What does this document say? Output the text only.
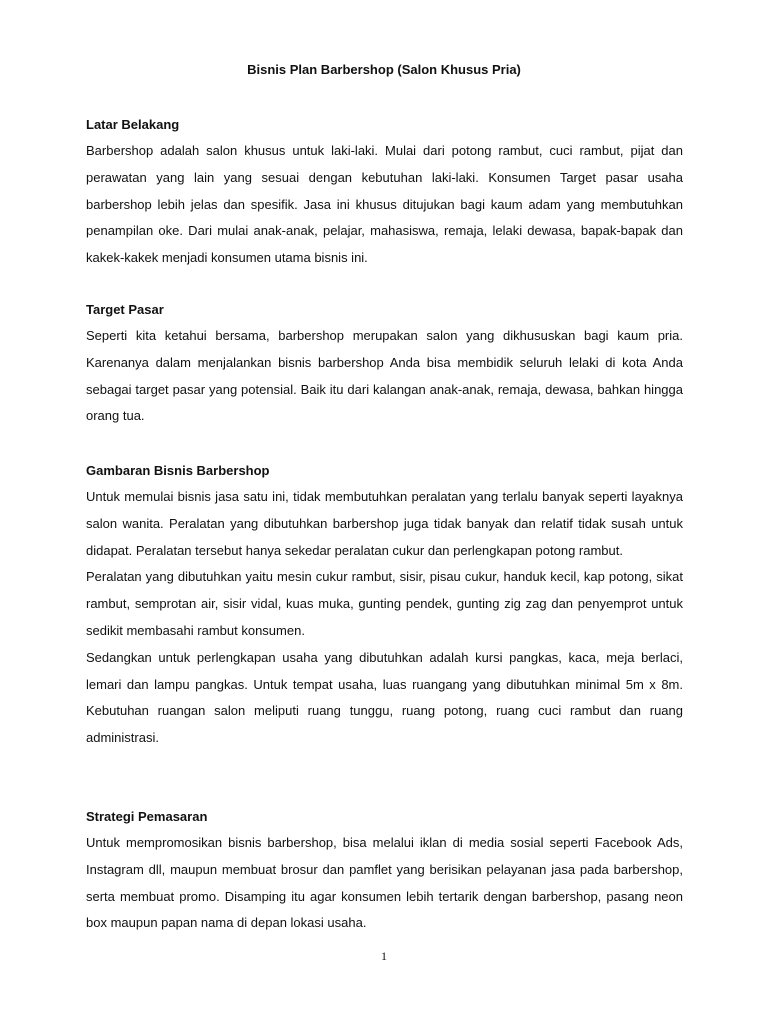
Bisnis Plan Barbershop (Salon Khusus Pria)
Latar Belakang

Barbershop adalah salon khusus untuk laki-laki. Mulai dari potong rambut, cuci rambut, pijat dan perawatan yang lain yang sesuai dengan kebutuhan laki-laki. Konsumen Target pasar usaha barbershop lebih jelas dan spesifik. Jasa ini khusus ditujukan bagi kaum adam yang membutuhkan penampilan oke. Dari mulai anak-anak, pelajar, mahasiswa, remaja, lelaki dewasa, bapak-bapak dan kakek-kakek menjadi konsumen utama bisnis ini.

Target Pasar

Seperti kita ketahui bersama, barbershop merupakan salon yang dikhususkan bagi kaum pria. Karenanya dalam menjalankan bisnis barbershop Anda bisa membidik seluruh lelaki di kota Anda sebagai target pasar yang potensial. Baik itu dari kalangan anak-anak, remaja, dewasa, bahkan hingga orang tua.

Gambaran Bisnis Barbershop

Untuk memulai bisnis jasa satu ini, tidak membutuhkan peralatan yang terlalu banyak seperti layaknya salon wanita. Peralatan yang dibutuhkan barbershop juga tidak banyak dan relatif tidak susah untuk didapat. Peralatan tersebut hanya sekedar peralatan cukur dan perlengkapan potong rambut.

Peralatan yang dibutuhkan yaitu mesin cukur rambut, sisir, pisau cukur, handuk kecil, kap potong, sikat rambut, semprotan air, sisir vidal, kuas muka, gunting pendek, gunting zig zag dan penyemprot untuk sedikit membasahi rambut konsumen.

Sedangkan untuk perlengkapan usaha yang dibutuhkan adalah kursi pangkas, kaca, meja berlaci, lemari dan lampu pangkas. Untuk tempat usaha, luas ruangang yang dibutuhkan minimal 5m x 8m. Kebutuhan ruangan salon meliputi ruang tunggu, ruang potong, ruang cuci rambut dan ruang administrasi.

Strategi Pemasaran

Untuk mempromosikan bisnis barbershop, bisa melalui iklan di media sosial seperti Facebook Ads, Instagram dll, maupun membuat brosur dan pamflet yang berisikan pelayanan jasa pada barbershop, serta membuat promo. Disamping itu agar konsumen lebih tertarik dengan barbershop, pasang neon box maupun papan nama di depan lokasi usaha.

1
